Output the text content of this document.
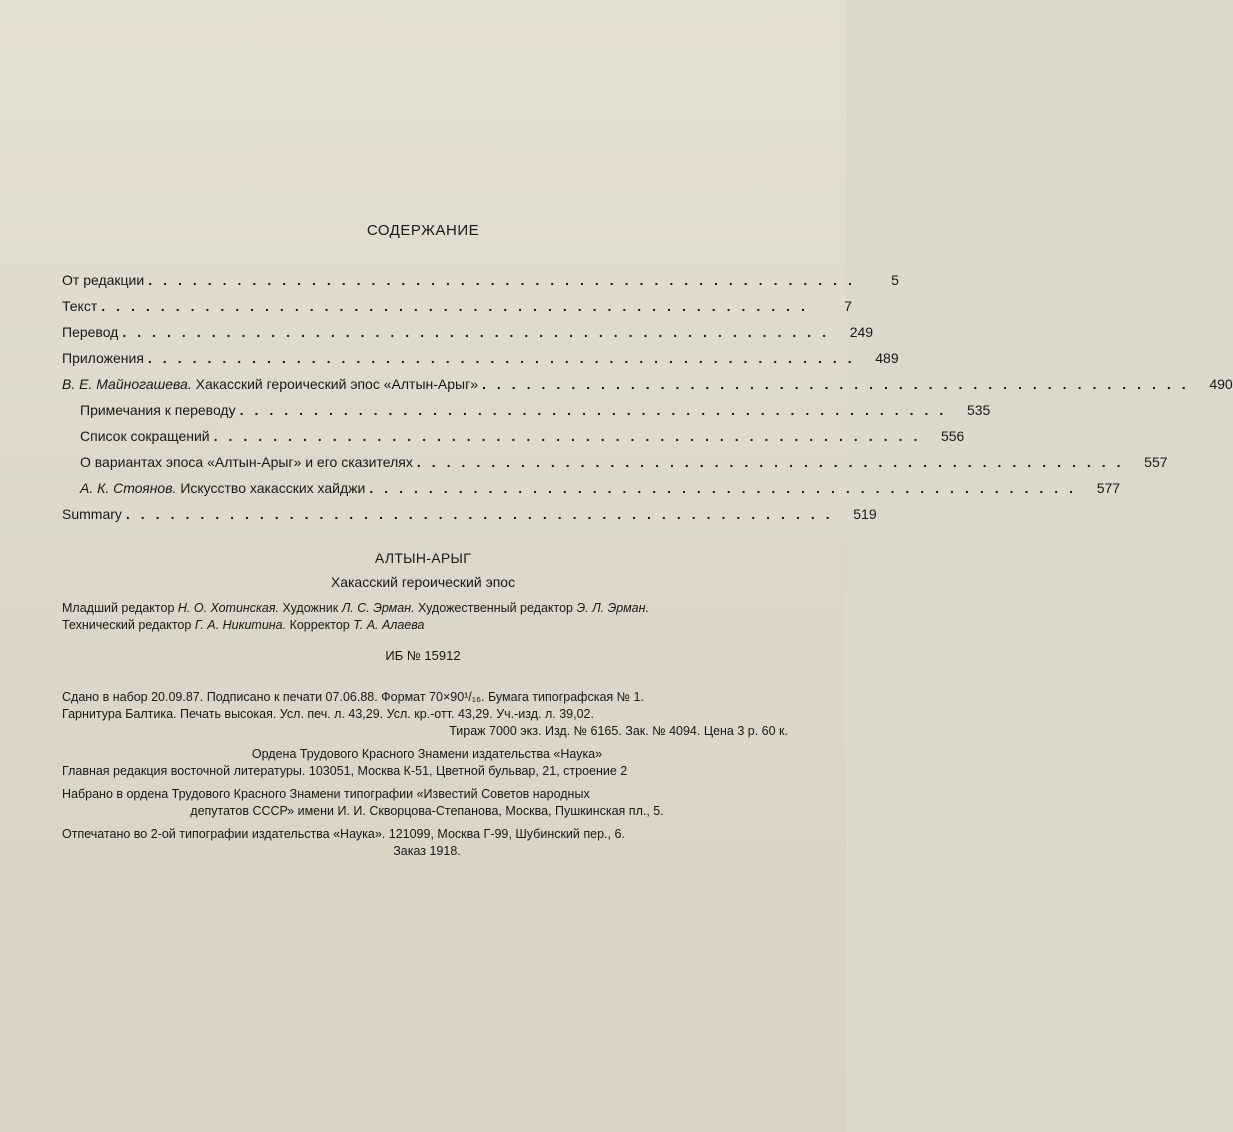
СОДЕРЖАНИЕ
От редакции ................................................	5
Текст ................................................	7
Перевод ................................................ 249
Приложения ................................................ 489
В. Е. Майногашева. Хакасский героический эпос «Алтын-Арыг» ................................................ 490
Примечания к переводу ................................................ 535
Список сокращений ................................................ 556
О вариантах эпоса «Алтын-Арыг» и его сказителях ................................................ 557
А. К. Стоянов. Искусство хакасских хайджи ................................................ 577
Summary ................................................ 519
АЛТЫН-АРЫГ
Хакасский героический эпос
Младший редактор Н. О. Хотинская. Художник Л. С. Эрман. Художественный редактор Э. Л. Эрман.
Технический редактор Г. А. Никитина. Корректор Т. А. Алаева
ИБ № 15912
Сдано в набор 20.09.87. Подписано к печати 07.06.88. Формат 70×90¹/₁₆. Бумага типографская № 1.
Гарнитура Балтика. Печать высокая. Усл. печ. л. 43,29. Усл. кр.-отт. 43,29. Уч.-изд. л. 39,02.
Тираж 7000 экз. Изд. № 6165. Зак. № 4094. Цена 3 р. 60 к.
Ордена Трудового Красного Знамени издательства «Наука»
Главная редакция восточной литературы. 103051, Москва К-51, Цветной бульвар, 21, строение 2
Набрано в ордена Трудового Красного Знамени типографии «Известий Советов народных
депутатов СССР» имени И. И. Скворцова-Степанова, Москва, Пушкинская пл., 5.
Отпечатано во 2-ой типографии издательства «Наука». 121099, Москва Г-99, Шубинский пер., 6.
Заказ 1918.
